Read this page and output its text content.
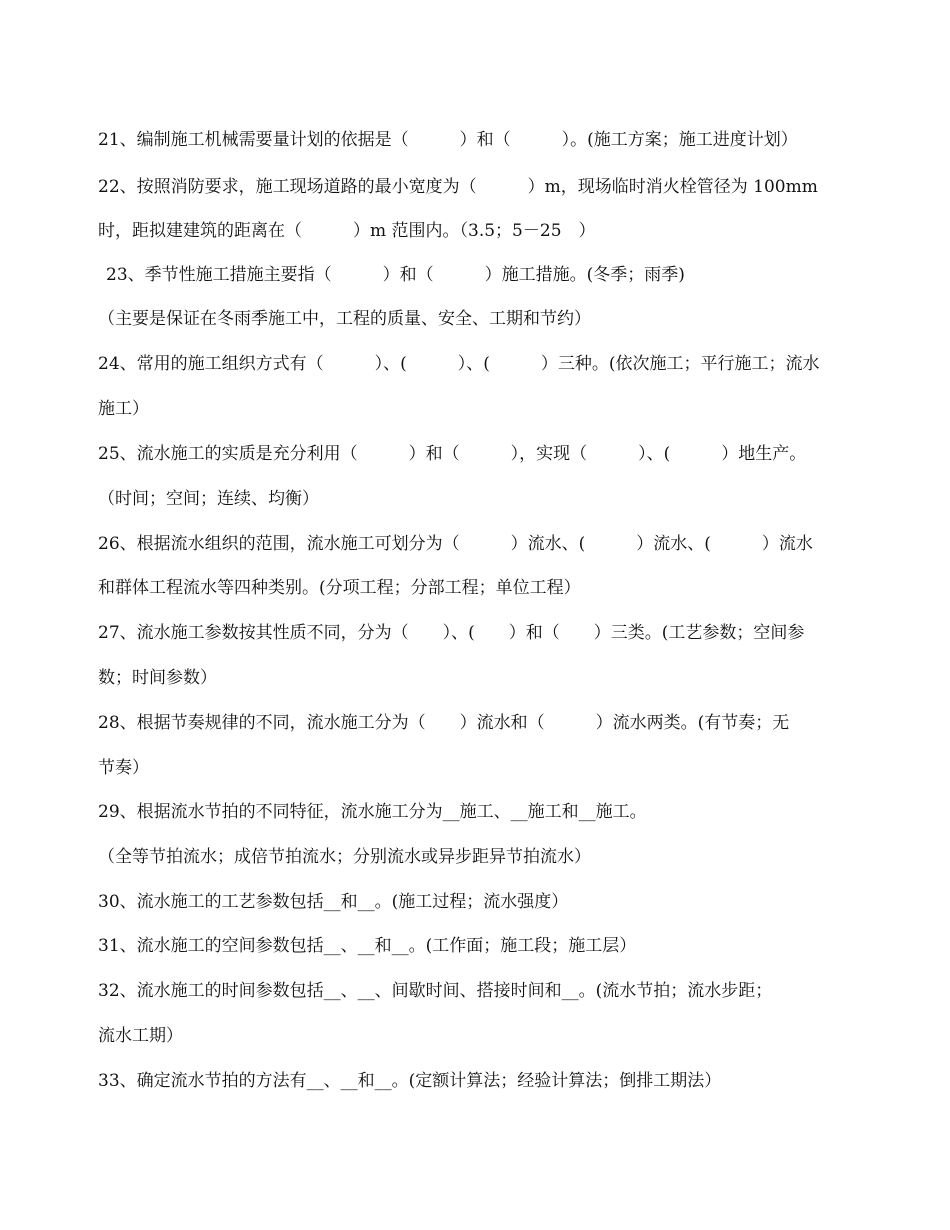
21、编制施工机械需要量计划的依据是（　　　）和（　　　）。(施工方案；施工进度计划）
22、按照消防要求，施工现场道路的最小宽度为（　　　）m，现场临时消火栓管径为 100mm
时，距拟建建筑的距离在（　　　）m 范围内。（3.5；5－25　）
23、季节性施工措施主要指（　　　）和（　　　）施工措施。(冬季；雨季)
（主要是保证在冬雨季施工中，工程的质量、安全、工期和节约）
24、常用的施工组织方式有（　　　）、(　　　）、(　　　）三种。(依次施工；平行施工；流水
施工）
25、流水施工的实质是充分利用（　　　）和（　　　），实现（　　　）、(　　　）地生产。
（时间；空间；连续、均衡）
26、根据流水组织的范围，流水施工可划分为（　　　）流水、(　　　）流水、(　　　）流水
和群体工程流水等四种类别。(分项工程；分部工程；单位工程）
27、流水施工参数按其性质不同，分为（　　）、(　　）和（　　）三类。(工艺参数；空间参
数；时间参数）
28、根据节奏规律的不同，流水施工分为（　　）流水和（　　　）流水两类。(有节奏；无
节奏）
29、根据流水节拍的不同特征，流水施工分为__施工、__施工和__施工。
（全等节拍流水；成倍节拍流水；分别流水或异步距异节拍流水）
30、流水施工的工艺参数包括__和__。(施工过程；流水强度）
31、流水施工的空间参数包括__、__和__。(工作面；施工段；施工层）
32、流水施工的时间参数包括__、__、间歇时间、搭接时间和__。(流水节拍；流水步距；
流水工期）
33、确定流水节拍的方法有__、__和__。(定额计算法；经验计算法；倒排工期法）
